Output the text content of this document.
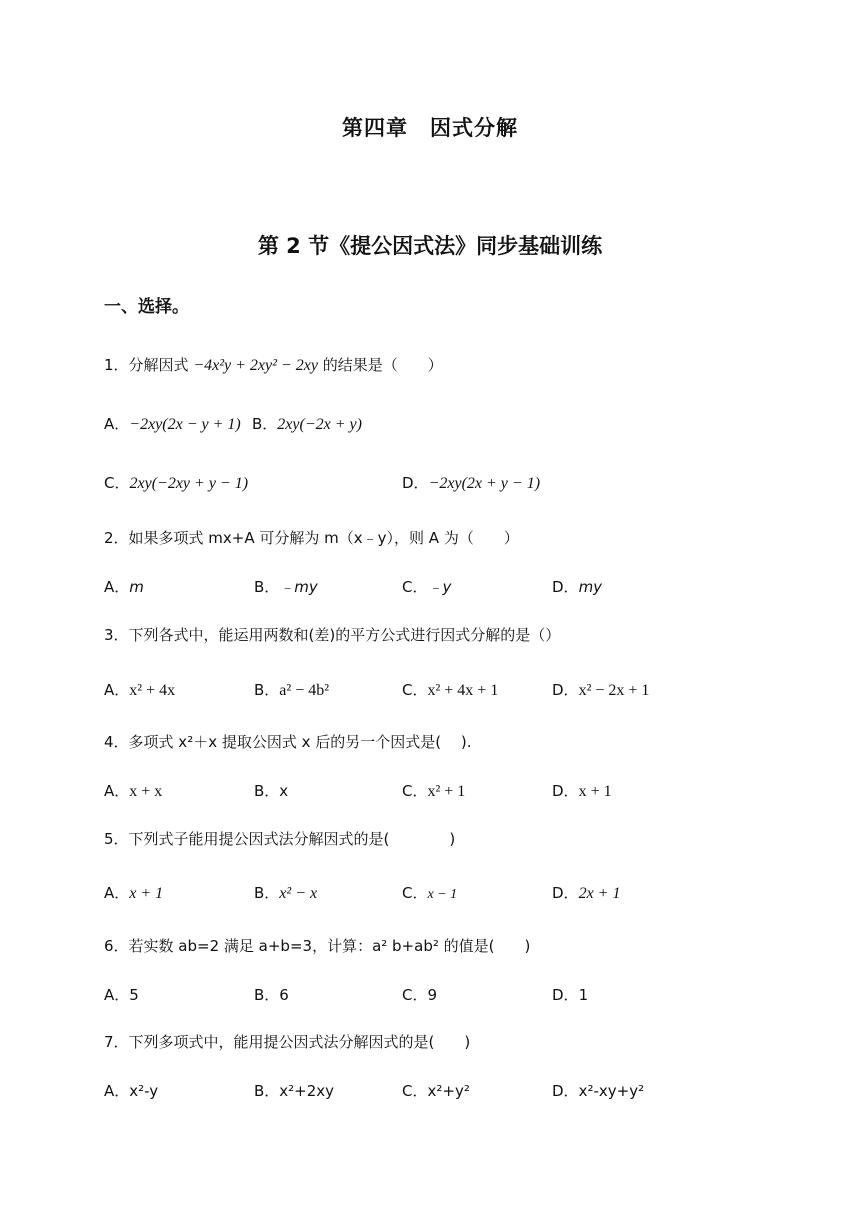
第四章　因式分解
第 2 节《提公因式法》同步基础训练
一、选择。
1．分解因式 −4x²y + 2xy² − 2xy 的结果是（　　）
A．−2xy(2x − y + 1) B．2xy(−2x + y)
C．2xy(−2xy + y − 1)	D．−2xy(2x + y − 1)
2．如果多项式 mx+A 可分解为 m（x﹣y），则 A 为（　　）
A．m	B．﹣my	C．﹣y	D．my
3．下列各式中，能运用两数和(差)的平方公式进行因式分解的是（）
A．x² + 4x	B．a² − 4b²	C．x² + 4x + 1	D．x² − 2x + 1
4．多项式 x²＋x 提取公因式 x 后的另一个因式是(　 ).
A．x + x	B．x	C．x² + 1	D．x + 1
5．下列式子能用提公因式法分解因式的是(　　　　)
A．x + 1	B．x² − x	C．x − 1	D．2x + 1
6．若实数 ab=2 满足 a+b=3，计算：a² b+ab² 的值是(　　)
A．5	B．6	C．9	D．1
7．下列多项式中，能用提公因式法分解因式的是(　　)
A．x²-y	B．x²+2xy	C．x²+y²	D．x²-xy+y²
